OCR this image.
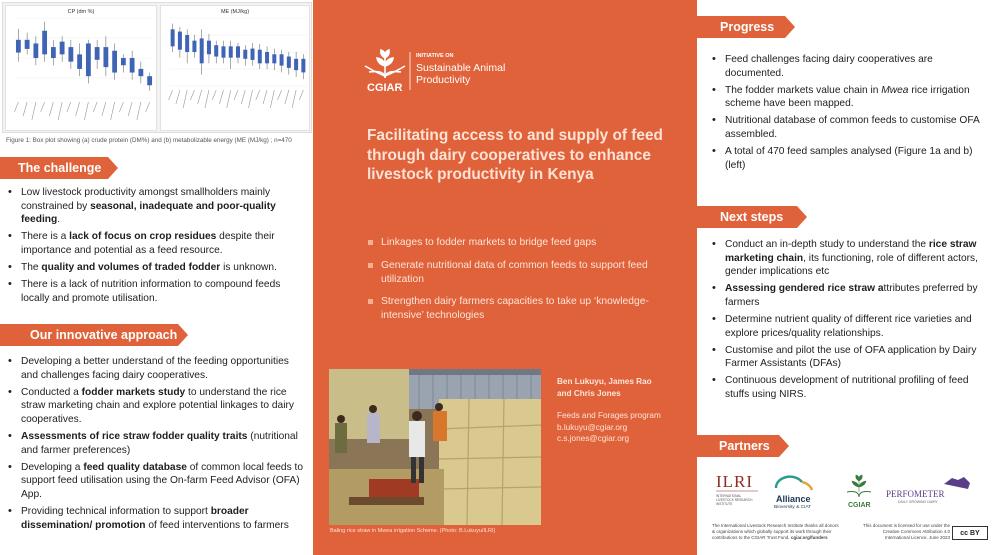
CP (dm %)	ME (MJ/kg)
Figure 1: Box plot showing (a) crude protein (DM%) and (b) metabolizable energy (ME (MJ/kg) ; n=470
The challenge
• Low livestock productivity amongst smallholders mainly constrained by seasonal, inadequate and poor-quality feeding.
• There is a lack of focus on crop residues despite their importance and potential as a feed resource.
• The quality and volumes of traded fodder is unknown.
• There is a lack of nutrition information to compound feeds locally and promote utilisation.
Our innovative approach
• Developing a better understand of the feeding opportunities and challenges facing dairy cooperatives.
• Conducted a fodder markets study to understand the rice straw marketing chain and explore potential linkages to dairy cooperatives.
• Assessments of rice straw fodder quality traits (nutritional and farmer preferences)
• Developing a feed quality database of common local feeds to support feed utilisation using the On-farm Feed Advisor (OFA) App.
• Providing technical information to support broader dissemination/ promotion of feed interventions to farmers
CGIAR
INITIATIVE ON
Sustainable Animal
Productivity
Facilitating access to and supply of feed through dairy cooperatives to enhance livestock productivity in Kenya
Linkages to fodder markets to bridge feed gaps
Generate nutritional data of common feeds to support feed utilization
Strengthen dairy farmers capacities to take up ‘knowledge-intensive’ technologies
Baling rice straw in Mwea irrigation Scheme. (Photo: B.Lukuyu/ILRI)
Ben Lukuyu, James Rao
and Chris Jones
Feeds and Forages program
b.lukuyu@cgiar.org
c.s.jones@cgiar.org
Progress
• Feed challenges facing dairy cooperatives are documented.
• The fodder markets value chain in Mwea rice irrigation scheme have been mapped.
• Nutritional database of common feeds to customise OFA assembled.
• A total of 470 feed samples analysed (Figure 1a and b) (left)
Next steps
• Conduct an in-depth study to understand the rice straw marketing chain, its functioning, role of different actors, gender implications etc
• Assessing gendered rice straw attributes preferred by farmers
• Determine nutrient quality of different rice varieties and explore prices/quality relationships.
• Customise and pilot the use of OFA application by Dairy Farmer Assistants (DFAs)
• Continuous development of nutritional profiling of feed stuffs using NIRS.
Partners
ILRI
INTERNATIONAL
LIVESTOCK RESEARCH
INSTITUTE	Alliance
Bioversity & CIAT	CGIAR
PERFOMETER
DAILY GROWING DAIRY
The International Livestock Research Institute thanks all donors
& organizations which globally support its work through their
contributions to the CGIAR Trust Fund. cgiar.org/funders
This document is licensed for use under the
Creative Commons Attribution 4.0
International Licence. June 2023
cc BY
